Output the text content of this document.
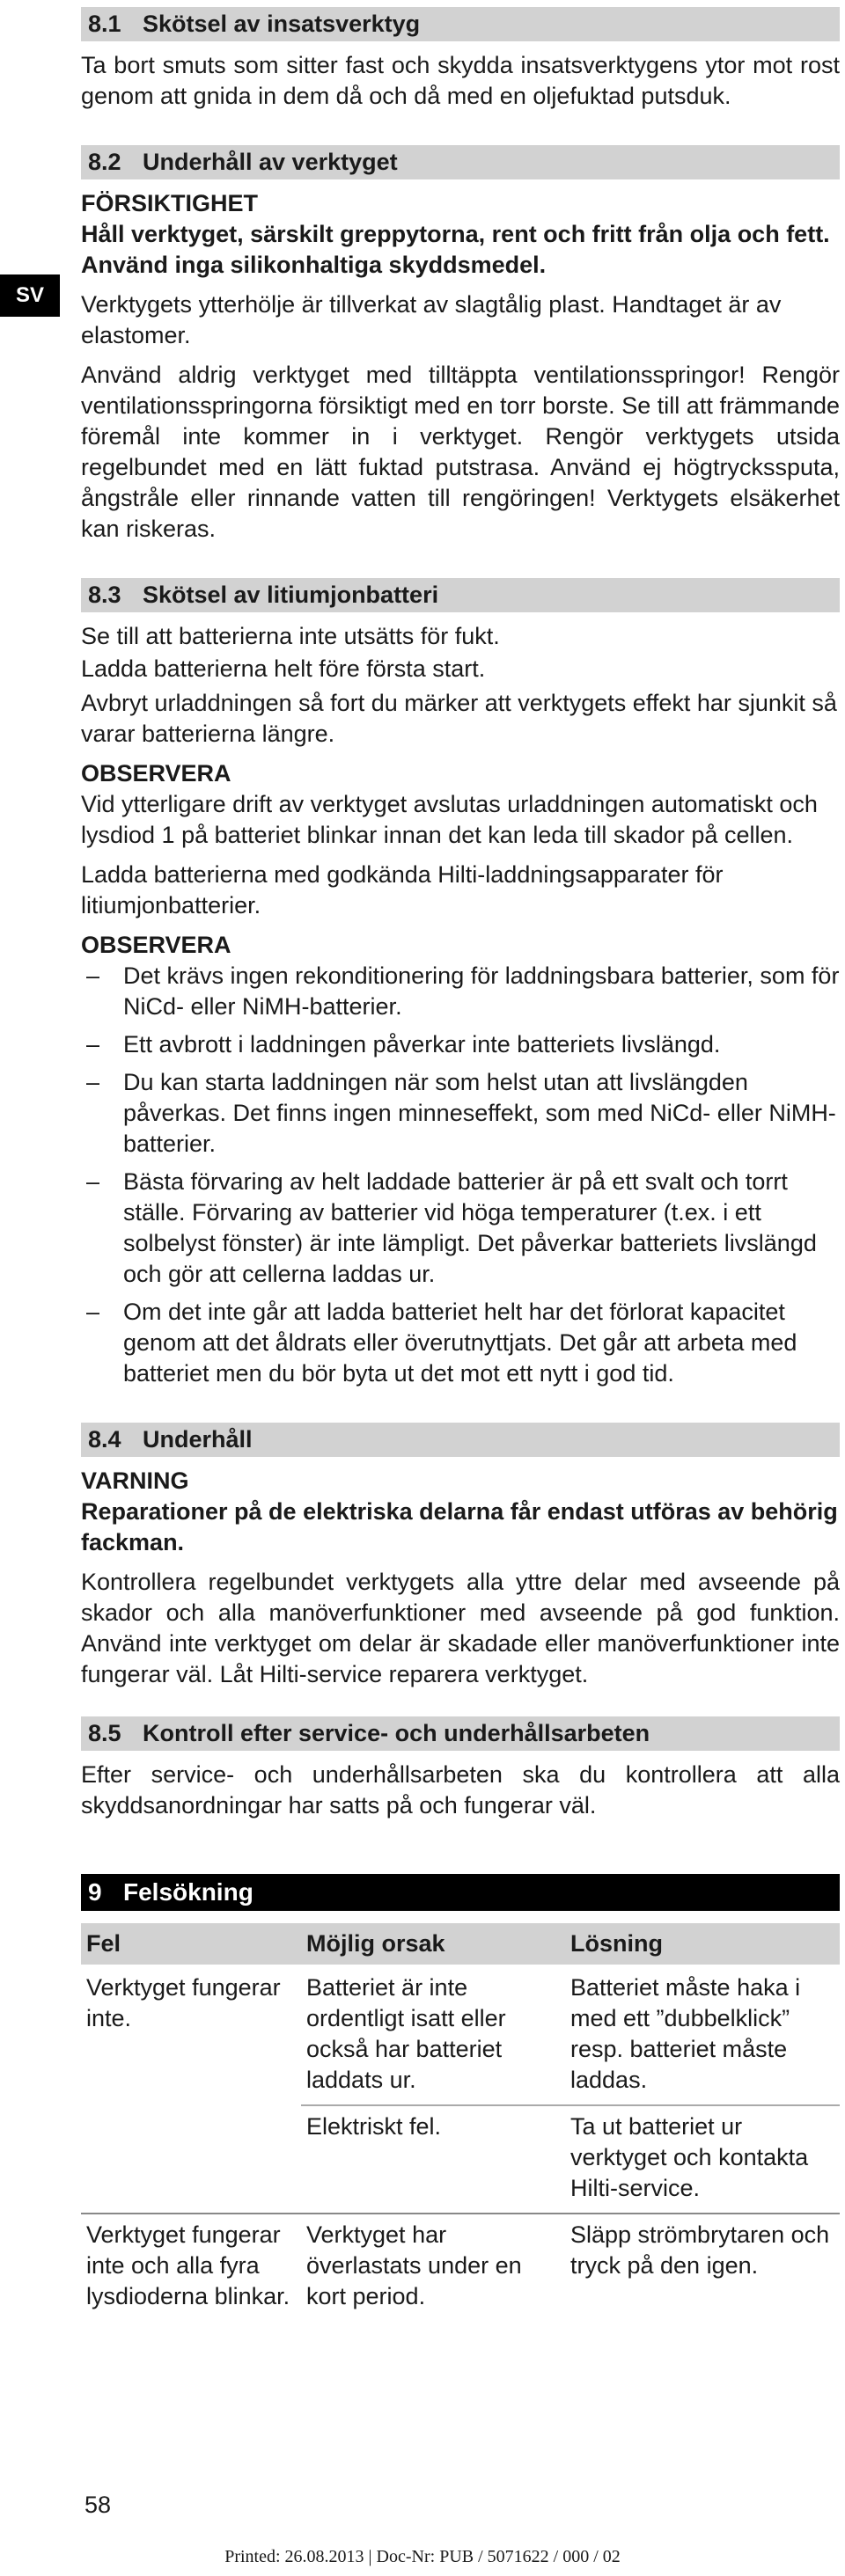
SV
8.1 Skötsel av insatsverktyg
Ta bort smuts som sitter fast och skydda insatsverktygens ytor mot rost genom att gnida in dem då och då med en oljefuktad putsduk.
8.2 Underhåll av verktyget
FÖRSIKTIGHET
Håll verktyget, särskilt greppytorna, rent och fritt från olja och fett. Använd inga silikonhaltiga skyddsmedel.
Verktygets ytterhölje är tillverkat av slagtålig plast. Handtaget är av elastomer.
Använd aldrig verktyget med tilltäppta ventilationsspringor! Rengör ventilationsspringorna försiktigt med en torr borste. Se till att främmande föremål inte kommer in i verktyget. Rengör verktygets utsida regelbundet med en lätt fuktad putstrasa. Använd ej högtryckssputa, ångstråle eller rinnande vatten till rengöringen! Verktygets elsäkerhet kan riskeras.
8.3 Skötsel av litiumjonbatteri
Se till att batterierna inte utsätts för fukt.
Ladda batterierna helt före första start.
Avbryt urladdningen så fort du märker att verktygets effekt har sjunkit så varar batterierna längre.
OBSERVERA
Vid ytterligare drift av verktyget avslutas urladdningen automatiskt och lysdiod 1 på batteriet blinkar innan det kan leda till skador på cellen.
Ladda batterierna med godkända Hilti-laddningsapparater för litiumjonbatterier.
OBSERVERA
– Det krävs ingen rekonditionering för laddningsbara batterier, som för NiCd- eller NiMH-batterier.
– Ett avbrott i laddningen påverkar inte batteriets livslängd.
– Du kan starta laddningen när som helst utan att livslängden påverkas. Det finns ingen minneseffekt, som med NiCd- eller NiMH-batterier.
– Bästa förvaring av helt laddade batterier är på ett svalt och torrt ställe. Förvaring av batterier vid höga temperaturer (t.ex. i ett solbelyst fönster) är inte lämpligt. Det påverkar batteriets livslängd och gör att cellerna laddas ur.
– Om det inte går att ladda batteriet helt har det förlorat kapacitet genom att det åldrats eller överutnyttjats. Det går att arbeta med batteriet men du bör byta ut det mot ett nytt i god tid.
8.4 Underhåll
VARNING
Reparationer på de elektriska delarna får endast utföras av behörig fackman.
Kontrollera regelbundet verktygets alla yttre delar med avseende på skador och alla manöverfunktioner med avseende på god funktion. Använd inte verktyget om delar är skadade eller manöverfunktioner inte fungerar väl. Låt Hilti-service reparera verktyget.
8.5 Kontroll efter service- och underhållsarbeten
Efter service- och underhållsarbeten ska du kontrollera att alla skyddsanordningar har satts på och fungerar väl.
9 Felsökning
Fel	Möjlig orsak	Lösning
Verktyget fungerar inte.	Batteriet är inte ordentligt isatt eller också har batteriet laddats ur.	Batteriet måste haka i med ett ”dubbelklick” resp. batteriet måste laddas.
	Elektriskt fel.	Ta ut batteriet ur verktyget och kontakta Hilti-service.
Verktyget fungerar inte och alla fyra lysdioderna blinkar.	Verktyget har överlastats under en kort period.	Släpp strömbrytaren och tryck på den igen.
58
Printed: 26.08.2013 | Doc-Nr: PUB / 5071622 / 000 / 02
